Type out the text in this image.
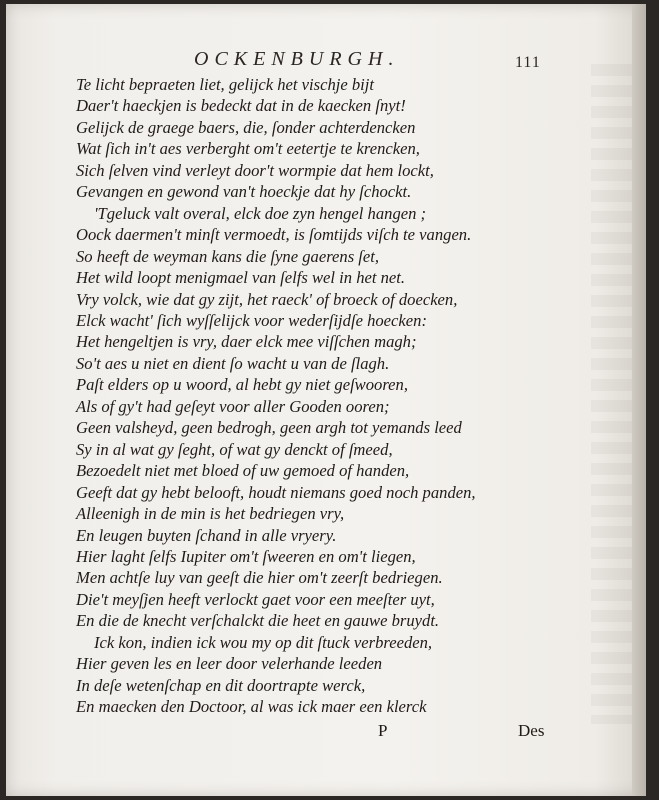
OCKENBURGH.	111
Te licht bepraeten liet, gelijck het vischje bijt
Daer't haeckjen is bedeckt dat in de kaecken ſnyt!
Gelijck de graege baers, die, ſonder achterdencken
Wat ſich in't aes verberght om't eetertje te krencken,
Sich ſelven vind verleyt door't wormpie dat hem lockt,
Gevangen en gewond van't hoeckje dat hy ſchockt.
'Tgeluck valt overal, elck doe zyn hengel hangen ;
Oock daermen't minſt vermoedt, is ſomtijds viſch te vangen.
So heeft de weyman kans die ſyne gaerens ſet,
Het wild loopt menigmael van ſelfs wel in het net.
Vry volck, wie dat gy zijt, het raeck' of broeck of doecken,
Elck wacht' ſich wyſſelijck voor wederſijdſe hoecken:
Het hengeltjen is vry, daer elck mee viſſchen magh;
So't aes u niet en dient ſo wacht u van de ſlagh.
Paſt elders op u woord, al hebt gy niet geſwooren,
Als of gy't had geſeyt voor aller Gooden ooren;
Geen valsheyd, geen bedrogh, geen argh tot yemands leed
Sy in al wat gy ſeght, of wat gy denckt of ſmeed,
Bezoedelt niet met bloed of uw gemoed of handen,
Geeft dat gy hebt belooft, houdt niemans goed noch panden,
Alleenigh in de min is het bedriegen vry,
En leugen buyten ſchand in alle vryery.
Hier laght ſelfs Iupiter om't ſweeren en om't liegen,
Men achtſe luy van geeſt die hier om't zeerſt bedriegen.
Die't meyſjen heeft verlockt gaet voor een meeſter uyt,
En die de knecht verſchalckt die heet en gauwe bruydt.
Ick kon, indien ick wou my op dit ſtuck verbreeden,
Hier geven les en leer door velerhande leeden
In deſe wetenſchap en dit doortrapte werck,
En maecken den Doctoor, al was ick maer een klerck
P	Des
